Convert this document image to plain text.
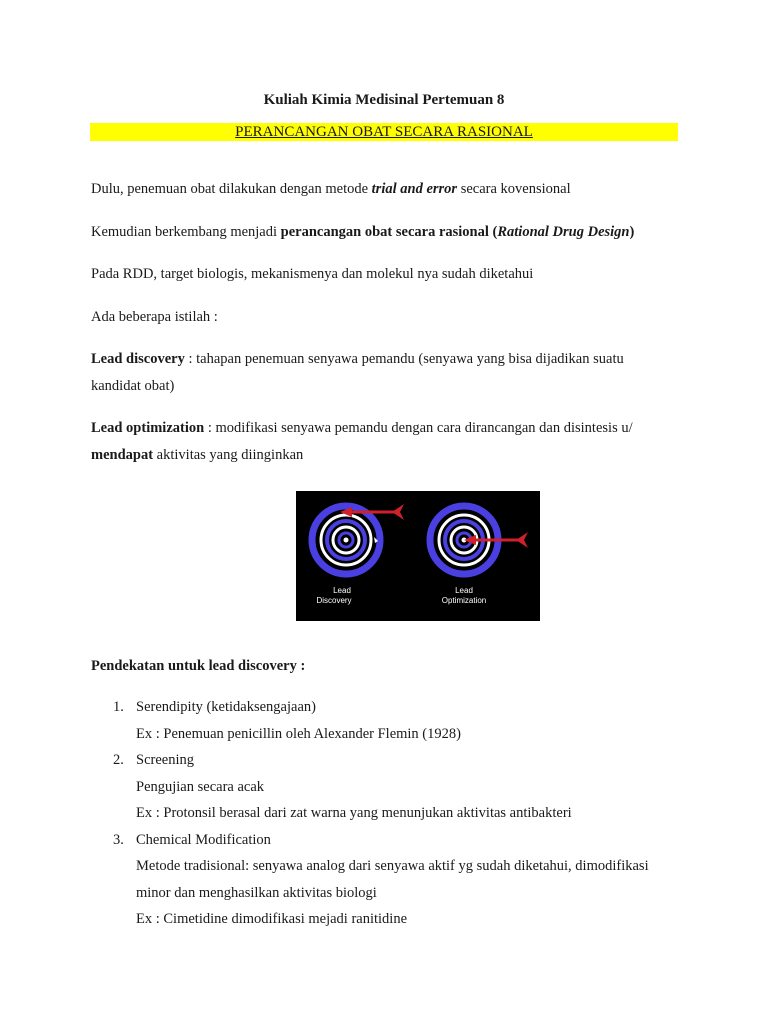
Kuliah Kimia Medisinal Pertemuan 8
PERANCANGAN OBAT SECARA RASIONAL

Dulu, penemuan obat dilakukan dengan metode trial and error secara kovensional

Kemudian berkembang menjadi perancangan obat secara rasional (Rational Drug Design)

Pada RDD, target biologis, mekanismenya dan molekul nya sudah diketahui

Ada beberapa istilah :

Lead discovery : tahapan penemuan senyawa pemandu (senyawa yang bisa dijadikan suatu
kandidat obat)

Lead optimization : modifikasi senyawa pemandu dengan cara dirancangan dan disintesis u/
mendapat aktivitas yang diinginkan

Lead
Discovery
Lead
Optimization
Pendekatan untuk lead discovery :
1. Serendipity (ketidaksengajaan)
Ex : Penemuan penicillin oleh Alexander Flemin (1928)
2. Screening
Pengujian secara acak
Ex : Protonsil berasal dari zat warna yang menunjukan aktivitas antibakteri
3. Chemical Modification
Metode tradisional: senyawa analog dari senyawa aktif yg sudah diketahui, dimodifikasi
minor dan menghasilkan aktivitas biologi
Ex : Cimetidine dimodifikasi mejadi ranitidine
